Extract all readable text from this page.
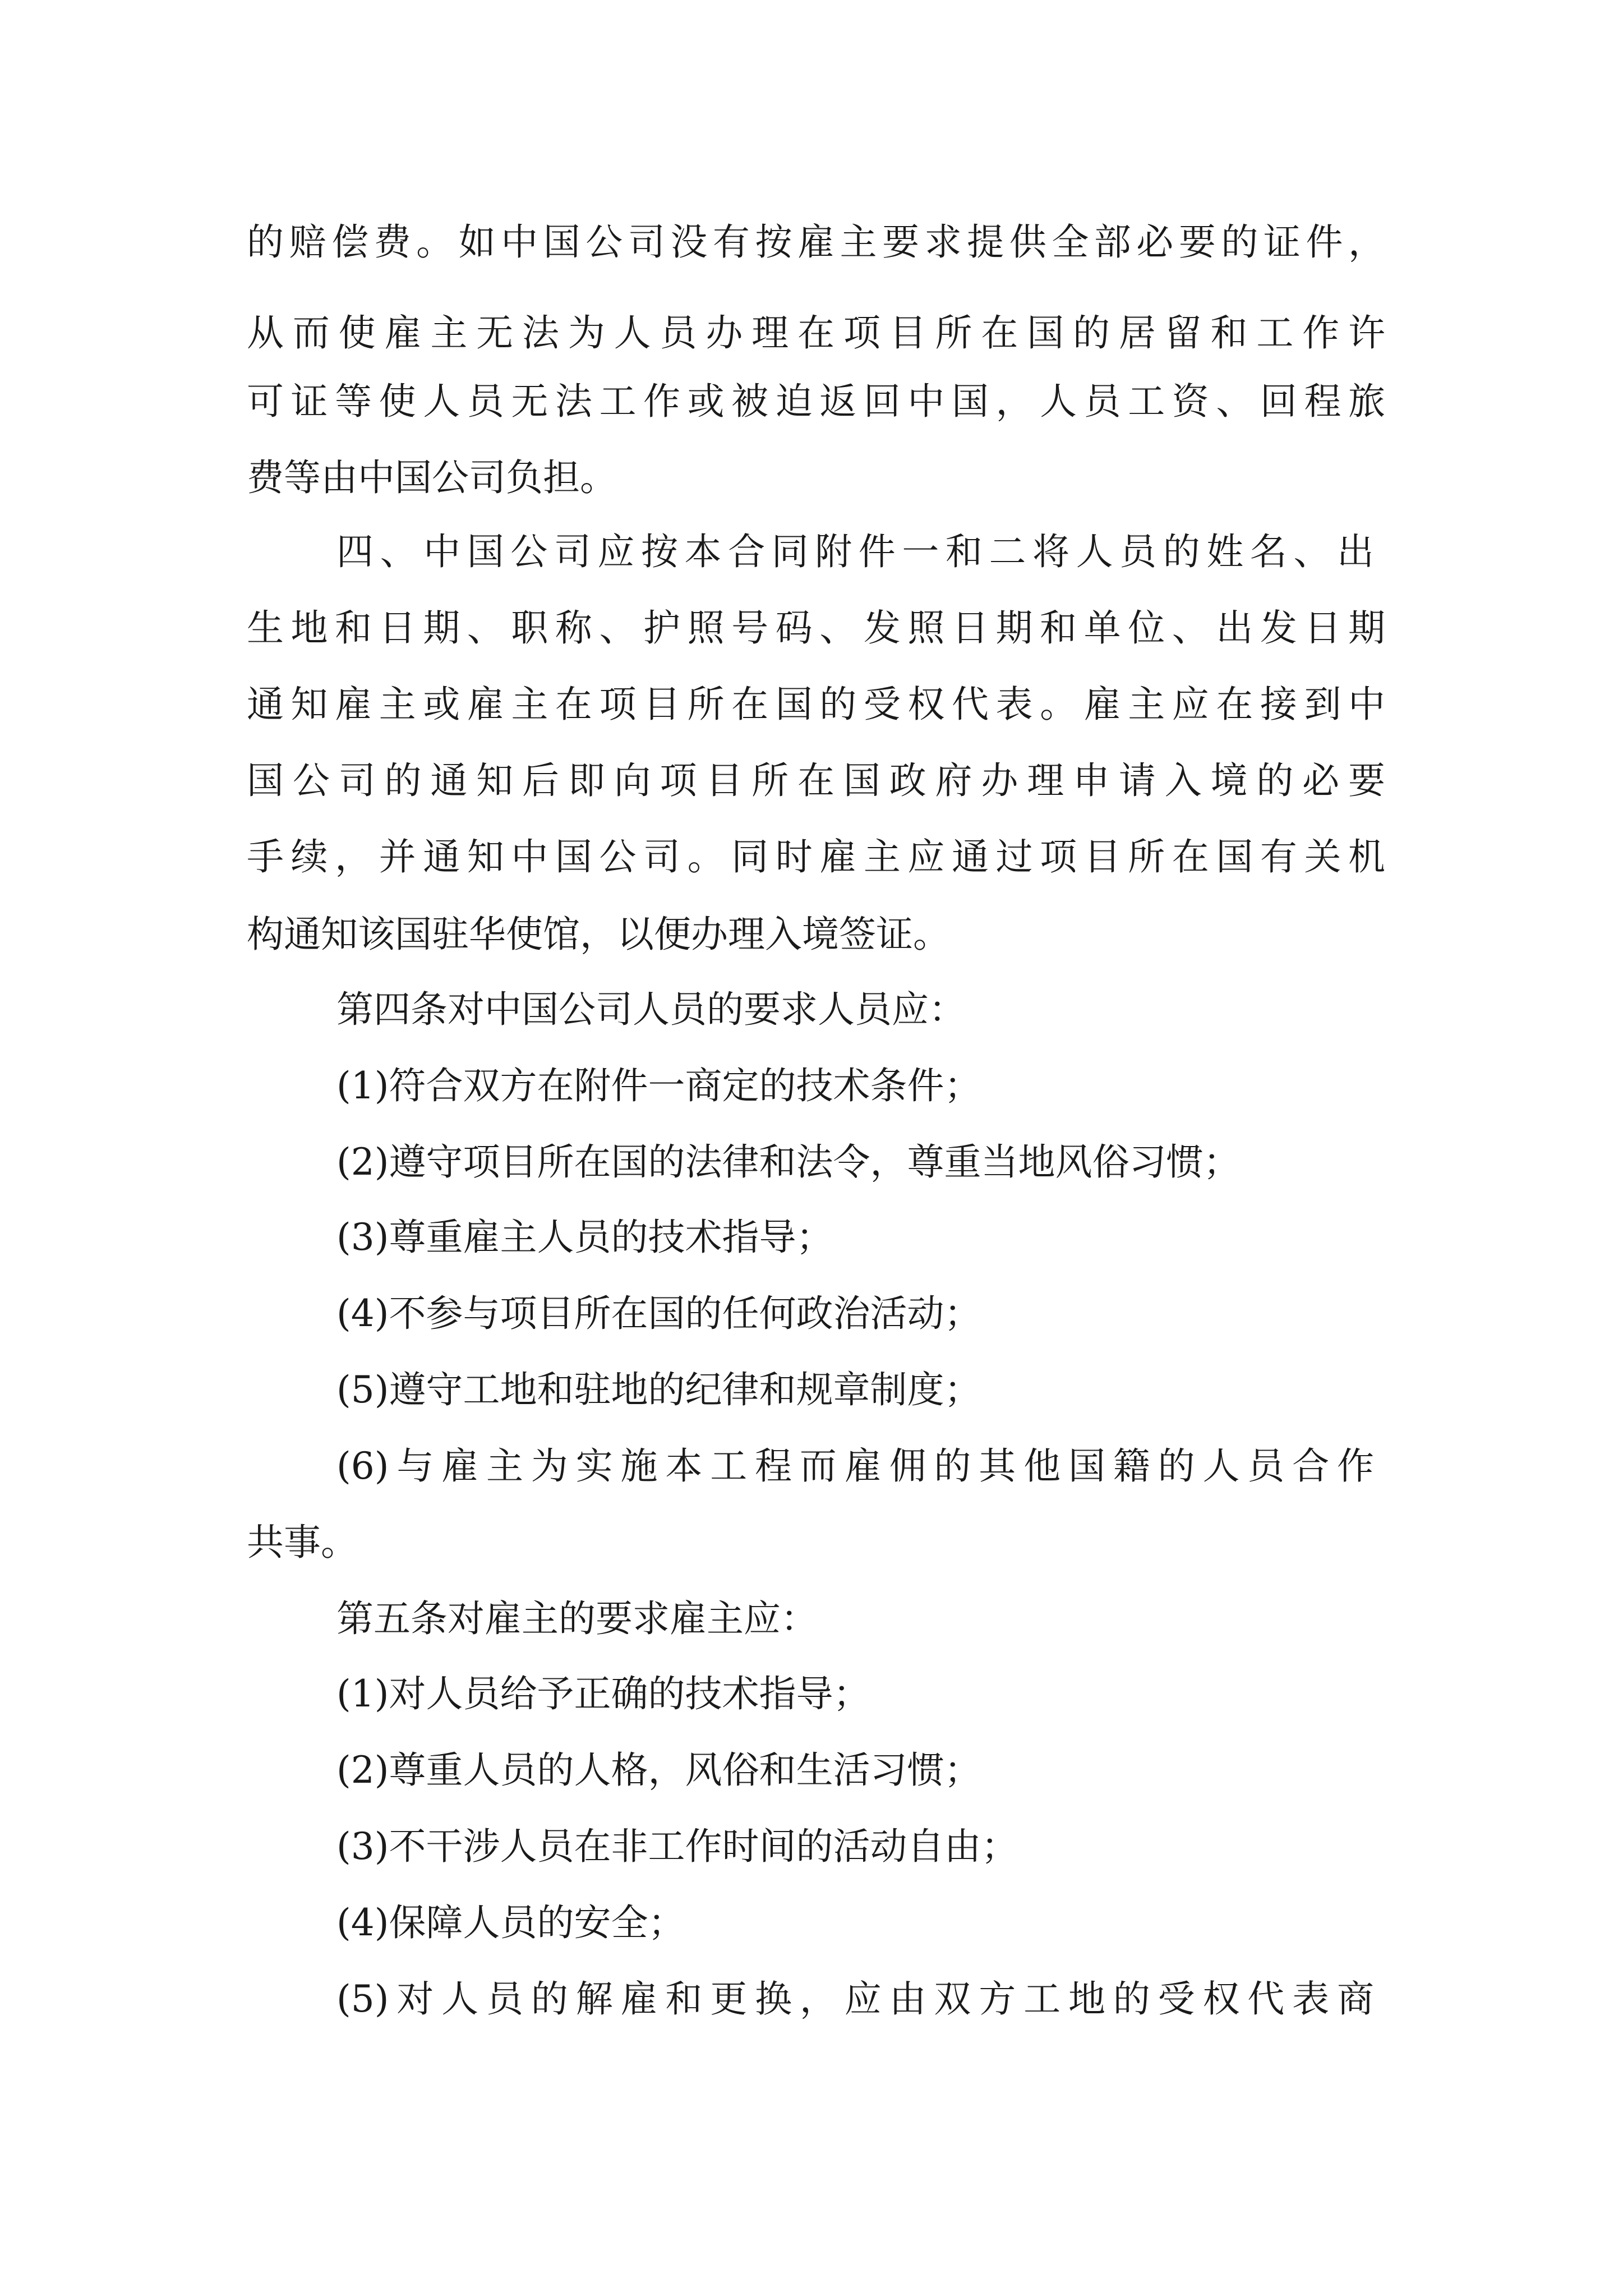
的赔偿费。如中国公司没有按雇主要求提供全部必要的证件，
从而使雇主无法为人员办理在项目所在国的居留和工作许
可证等使人员无法工作或被迫返回中国，人员工资、回程旅
费等由中国公司负担。
四、中国公司应按本合同附件一和二将人员的姓名、出
生地和日期、职称、护照号码、发照日期和单位、出发日期
通知雇主或雇主在项目所在国的受权代表。雇主应在接到中
国公司的通知后即向项目所在国政府办理申请入境的必要
手续，并通知中国公司。同时雇主应通过项目所在国有关机
构通知该国驻华使馆，以便办理入境签证。
第四条对中国公司人员的要求人员应：
(1)符合双方在附件一商定的技术条件；
(2)遵守项目所在国的法律和法令，尊重当地风俗习惯；
(3)尊重雇主人员的技术指导；
(4)不参与项目所在国的任何政治活动；
(5)遵守工地和驻地的纪律和规章制度；
(6)与雇主为实施本工程而雇佣的其他国籍的人员合作
共事。
第五条对雇主的要求雇主应：
(1)对人员给予正确的技术指导；
(2)尊重人员的人格，风俗和生活习惯；
(3)不干涉人员在非工作时间的活动自由；
(4)保障人员的安全；
(5)对人员的解雇和更换，应由双方工地的受权代表商
